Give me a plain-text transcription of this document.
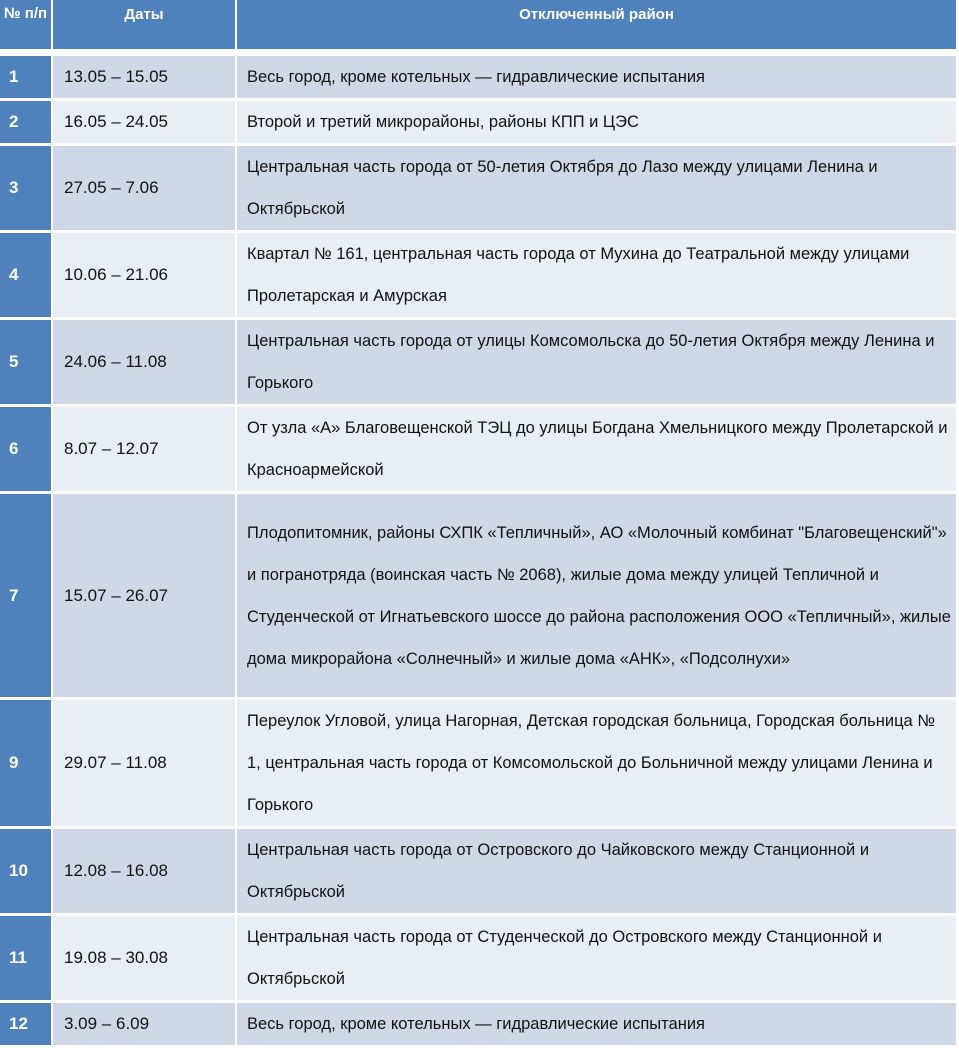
№ п/п	Даты	Отключенный район

1	13.05 – 15.05	Весь город, кроме котельных — гидравлические испытания
2	16.05 – 24.05	Второй и третий микрорайоны, районы КПП и ЦЭС
3	27.05 – 7.06	Центральная часть города от 50-летия Октября до Лазо между улицами Ленина и Октябрьской
4	10.06 – 21.06	Квартал № 161, центральная часть города от Мухина до Театральной между улицами Пролетарская и Амурская
5	24.06 – 11.08	Центральная часть города от улицы Комсомольска до 50-летия Октября между Ленина и Горького
6	8.07 – 12.07	От узла «А» Благовещенской ТЭЦ до улицы Богдана Хмельницкого между Пролетарской и Красноармейской
7	15.07 – 26.07	Плодопитомник, районы СХПК «Тепличный», АО «Молочный комбинат "Благовещенский"» и погранотряда (воинская часть № 2068), жилые дома между улицей Тепличной и Студенческой от Игнатьевского шоссе до района расположения ООО «Тепличный», жилые дома микрорайона «Солнечный» и жилые дома «АНК», «Подсолнухи»
9	29.07 – 11.08	Переулок Угловой, улица Нагорная, Детская городская больница, Городская больница № 1, центральная часть города от Комсомольской до Больничной между улицами Ленина и Горького
10	12.08 – 16.08	Центральная часть города от Островского до Чайковского между Станционной и Октябрьской
11	19.08 – 30.08	Центральная часть города от Студенческой до Островского между Станционной и Октябрьской
12	3.09 – 6.09	Весь город, кроме котельных — гидравлические испытания
